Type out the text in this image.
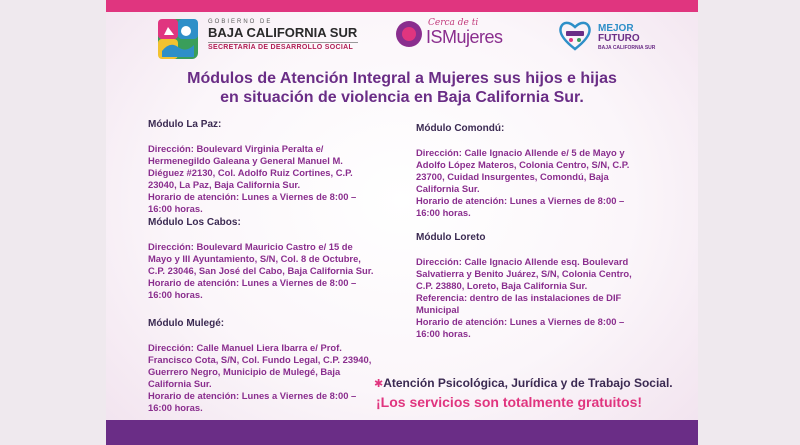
GOBIERNO DE
BAJA CALIFORNIA SUR
SECRETARÍA DE DESARROLLO SOCIAL
Cerca de ti
ISMujeres	MEJOR
FUTURO
BAJA CALIFORNIA SUR
Módulos de Atención Integral a Mujeres sus hijos e hijas
en situación de violencia en Baja California Sur.
Módulo La Paz:

Dirección: Boulevard Virginia Peralta e/ Hermenegildo Galeana y General Manuel M. Diéguez #2130, Col. Adolfo Ruiz Cortines, C.P. 23040, La Paz, Baja California Sur.

Horario de atención: Lunes a Viernes de 8:00 – 16:00 horas.

Módulo Los Cabos:

Dirección: Boulevard Mauricio Castro e/ 15 de Mayo y III Ayuntamiento, S/N, Col. 8 de Octubre, C.P. 23046, San José del Cabo, Baja California Sur.

Horario de atención: Lunes a Viernes de 8:00 – 16:00 horas.

Módulo Mulegé:

Dirección: Calle Manuel Liera Ibarra e/ Prof. Francisco Cota, S/N, Col. Fundo Legal, C.P. 23940, Guerrero Negro, Municipio de Mulegé, Baja California Sur.

Horario de atención: Lunes a Viernes de 8:00 – 16:00 horas.

Módulo Comondú:

Dirección: Calle Ignacio Allende e/ 5 de Mayo y Adolfo López Materos, Colonia Centro, S/N, C.P. 23700, Cuidad Insurgentes, Comondú, Baja California Sur.

Horario de atención: Lunes a Viernes de 8:00 – 16:00 horas.

Módulo Loreto

Dirección: Calle Ignacio Allende esq. Boulevard Salvatierra y Benito Juárez, S/N, Colonia Centro, C.P. 23880, Loreto, Baja California Sur.

Referencia: dentro de las instalaciones de DIF Municipal

Horario de atención: Lunes a Viernes de 8:00 – 16:00 horas.

✱Atención Psicológica, Jurídica y de Trabajo Social.
¡Los servicios son totalmente gratuitos!
